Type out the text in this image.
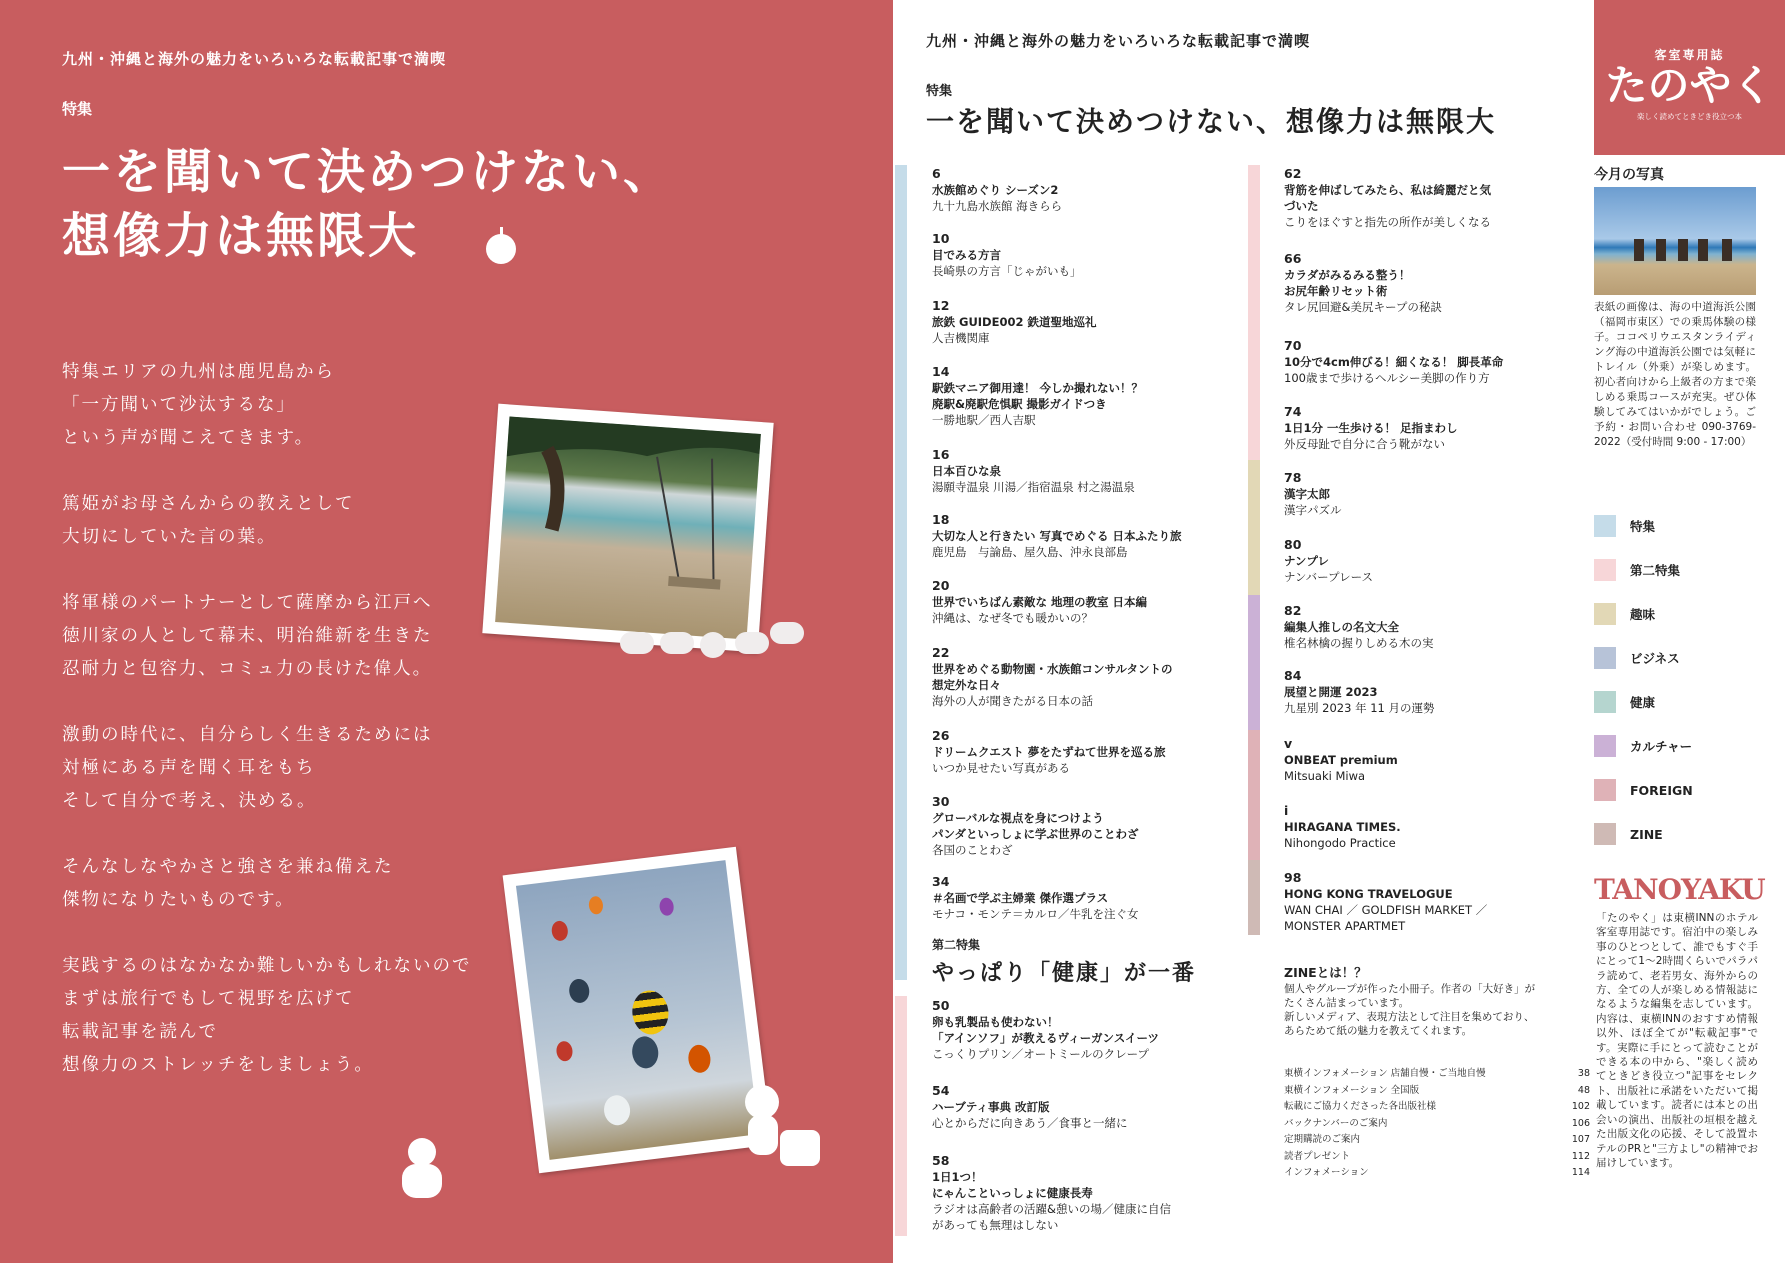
九州・沖縄と海外の魅力をいろいろな転載記事で満喫
特集
一を聞いて決めつけない、
想像力は無限大

特集エリアの九州は鹿児島から
「一方聞いて沙汰するな」
という声が聞こえてきます。

篤姫がお母さんからの教えとして
大切にしていた言の葉。

将軍様のパートナーとして薩摩から江戸へ
徳川家の人として幕末、明治維新を生きた
忍耐力と包容力、コミュ力の長けた偉人。

激動の時代に、自分らしく生きるためには
対極にある声を聞く耳をもち
そして自分で考え、決める。

そんなしなやかさと強さを兼ね備えた
傑物になりたいものです。

実践するのはなかなか難しいかもしれないので
まずは旅行でもして視野を広げて
転載記事を読んで
想像力のストレッチをしましょう。

九州・沖縄と海外の魅力をいろいろな転載記事で満喫
特集
一を聞いて決めつけない、想像力は無限大
第二特集
やっぱり「健康」が一番	ZINEとは！？
個人やグループが作った小冊子。作者の「大好き」が
たくさん詰まっています。
新しいメディア、表現方法として注目を集めており、
あらためて紙の魅力を教えてくれます。
東横インフォメーション 店舗自慢・ご当地自慢	38
東横インフォメーション 全国版	48
転載にご協力くださった各出版社様	102
バックナンバーのご案内	106
定期購読のご案内	107
読者プレゼント	112
インフォメーション	114
客室専用誌
たのやく
楽しく読めてときどき役立つ本
今月の写真
表紙の画像は、海の中道海浜公園（福岡市東区）での乗馬体験の様子。ココペリウエスタンライディング海の中道海浜公園では気軽にトレイル（外乗）が楽しめます。初心者向けから上級者の方まで楽しめる乗馬コースが充実。ぜひ体験してみてはいかがでしょう。ご予約・お問い合わせ 090-3769-2022（受付時間 9:00 - 17:00）
特集
第二特集
趣味
ビジネス
健康
カルチャー
FOREIGN
ZINE
TANOYAKU
「たのやく」は東横INNのホテル客室専用誌です。宿泊中の楽しみ事のひとつとして、誰でもすぐ手にとって1〜2時間くらいでパラパラ読めて、老若男女、海外からの方、全ての人が楽しめる情報誌になるような編集を志しています。内容は、東横INNのおすすめ情報以外、ほぼ全てが"転載記事"です。実際に手にとって読むことができる本の中から、"楽しく読めてときどき役立つ"記事をセレクト、出版社に承諾をいただいて掲載しています。読者には本との出会いの演出、出版社の垣根を越えた出版文化の応援、そして設置ホテルのPRと"三方よし"の精神でお届けしています。
6
水族館めぐり シーズン2
九十九島水族館 海きらら
10
目でみる方言
長崎県の方言「じゃがいも」
12
旅鉄 GUIDE002 鉄道聖地巡礼
人吉機関庫
14
駅鉄マニア御用達！ 今しか撮れない！？
廃駅&廃駅危惧駅 撮影ガイドつき
一勝地駅／西人吉駅
16
日本百ひな泉
湯願寺温泉 川湯／指宿温泉 村之湯温泉
18
大切な人と行きたい 写真でめぐる 日本ふたり旅
鹿児島　与論島、屋久島、沖永良部島
20
世界でいちばん素敵な 地理の教室 日本編
沖縄は、なぜ冬でも暖かいの？
22
世界をめぐる動物園・水族館コンサルタントの
想定外な日々
海外の人が聞きたがる日本の話
26
ドリームクエスト 夢をたずねて世界を巡る旅
いつか見せたい写真がある
30
グローバルな視点を身につけよう
パンダといっしょに学ぶ世界のことわざ
各国のことわざ
34
＃名画で学ぶ主婦業 傑作選プラス
モナコ・モンテ＝カルロ／牛乳を注ぐ女
50
卵も乳製品も使わない！
「アインソフ」が教えるヴィーガンスイーツ
こっくりプリン／オートミールのクレープ
54
ハーブティ事典 改訂版
心とからだに向きあう／食事と一緒に
58
1日1つ！
にゃんこといっしょに健康長寿
ラジオは高齢者の活躍&憩いの場／健康に自信
があっても無理はしない
62
背筋を伸ばしてみたら、私は綺麗だと気
づいた
こりをほぐすと指先の所作が美しくなる
66
カラダがみるみる整う！
お尻年齢リセット術
タレ尻回避&美尻キープの秘訣
70
10分で4cm伸びる！細くなる！ 脚長革命
100歳まで歩けるヘルシー美脚の作り方
74
1日1分 一生歩ける！ 足指まわし
外反母趾で自分に合う靴がない
78
漢字太郎
漢字パズル
80
ナンプレ
ナンバープレース
82
編集人推しの名文大全
椎名林檎の握りしめる木の実
84
展望と開運 2023
九星別 2023 年 11 月の運勢
v
ONBEAT premium
Mitsuaki Miwa
i
HIRAGANA TIMES.
Nihongodo Practice
98
HONG KONG TRAVELOGUE
WAN CHAI ／ GOLDFISH MARKET ／
MONSTER APARTMET
